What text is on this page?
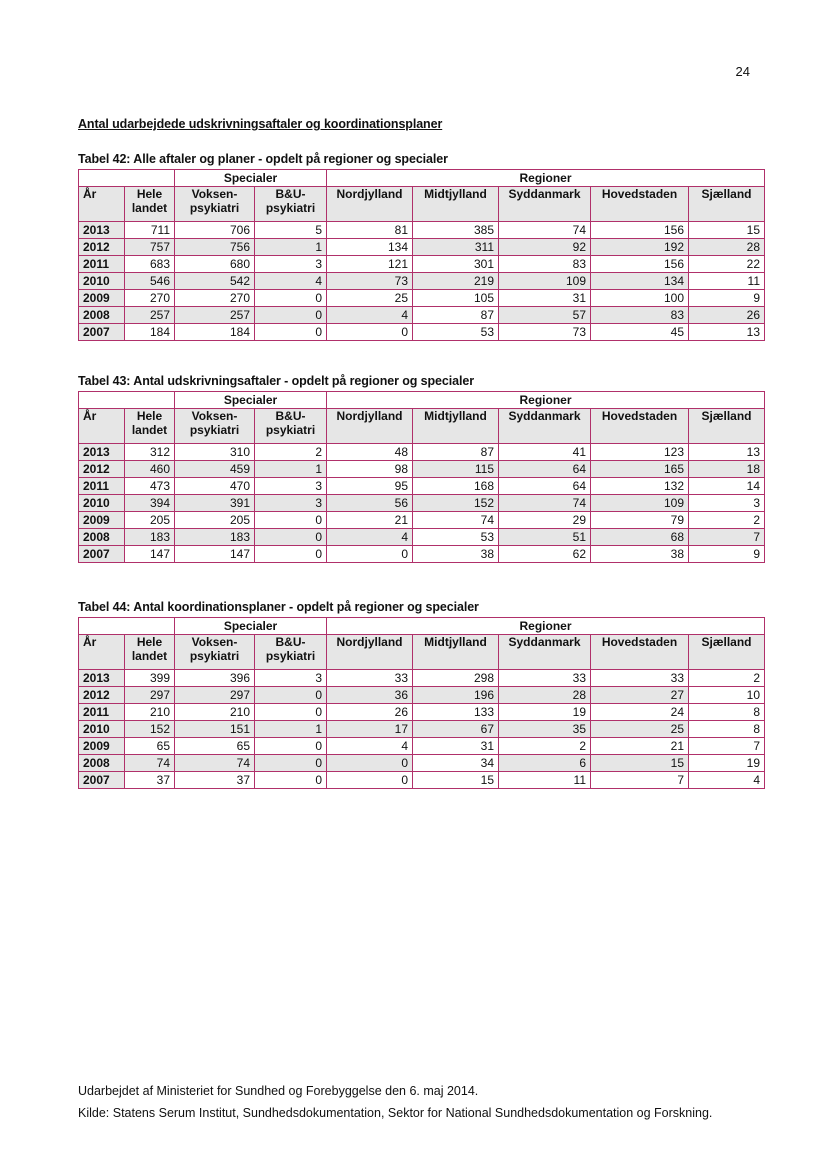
24
Antal udarbejdede udskrivningsaftaler og koordinationsplaner
Tabel 42: Alle aftaler og planer - opdelt på regioner og specialer
		Specialer		Regioner				
År	Hele landet	Voksen-psykiatri	B&U-psykiatri	Nordjylland	Midtjylland	Syddanmark	Hovedstaden	Sjælland
2013	711	706	5	81	385	74	156	15
2012	757	756	1	134	311	92	192	28
2011	683	680	3	121	301	83	156	22
2010	546	542	4	73	219	109	134	11
2009	270	270	0	25	105	31	100	9
2008	257	257	0	4	87	57	83	26
2007	184	184	0	0	53	73	45	13
Tabel 43: Antal udskrivningsaftaler - opdelt på regioner og specialer
		Specialer		Regioner				
År	Hele landet	Voksen-psykiatri	B&U-psykiatri	Nordjylland	Midtjylland	Syddanmark	Hovedstaden	Sjælland
2013	312	310	2	48	87	41	123	13
2012	460	459	1	98	115	64	165	18
2011	473	470	3	95	168	64	132	14
2010	394	391	3	56	152	74	109	3
2009	205	205	0	21	74	29	79	2
2008	183	183	0	4	53	51	68	7
2007	147	147	0	0	38	62	38	9
Tabel 44: Antal koordinationsplaner - opdelt på regioner og specialer
		Specialer		Regioner				
År	Hele landet	Voksen-psykiatri	B&U-psykiatri	Nordjylland	Midtjylland	Syddanmark	Hovedstaden	Sjælland
2013	399	396	3	33	298	33	33	2
2012	297	297	0	36	196	28	27	10
2011	210	210	0	26	133	19	24	8
2010	152	151	1	17	67	35	25	8
2009	65	65	0	4	31	2	21	7
2008	74	74	0	0	34	6	15	19
2007	37	37	0	0	15	11	7	4
Udarbejdet af Ministeriet for Sundhed og Forebyggelse den 6. maj 2014.
Kilde: Statens Serum Institut, Sundhedsdokumentation, Sektor for National Sundhedsdokumentation og Forskning.
